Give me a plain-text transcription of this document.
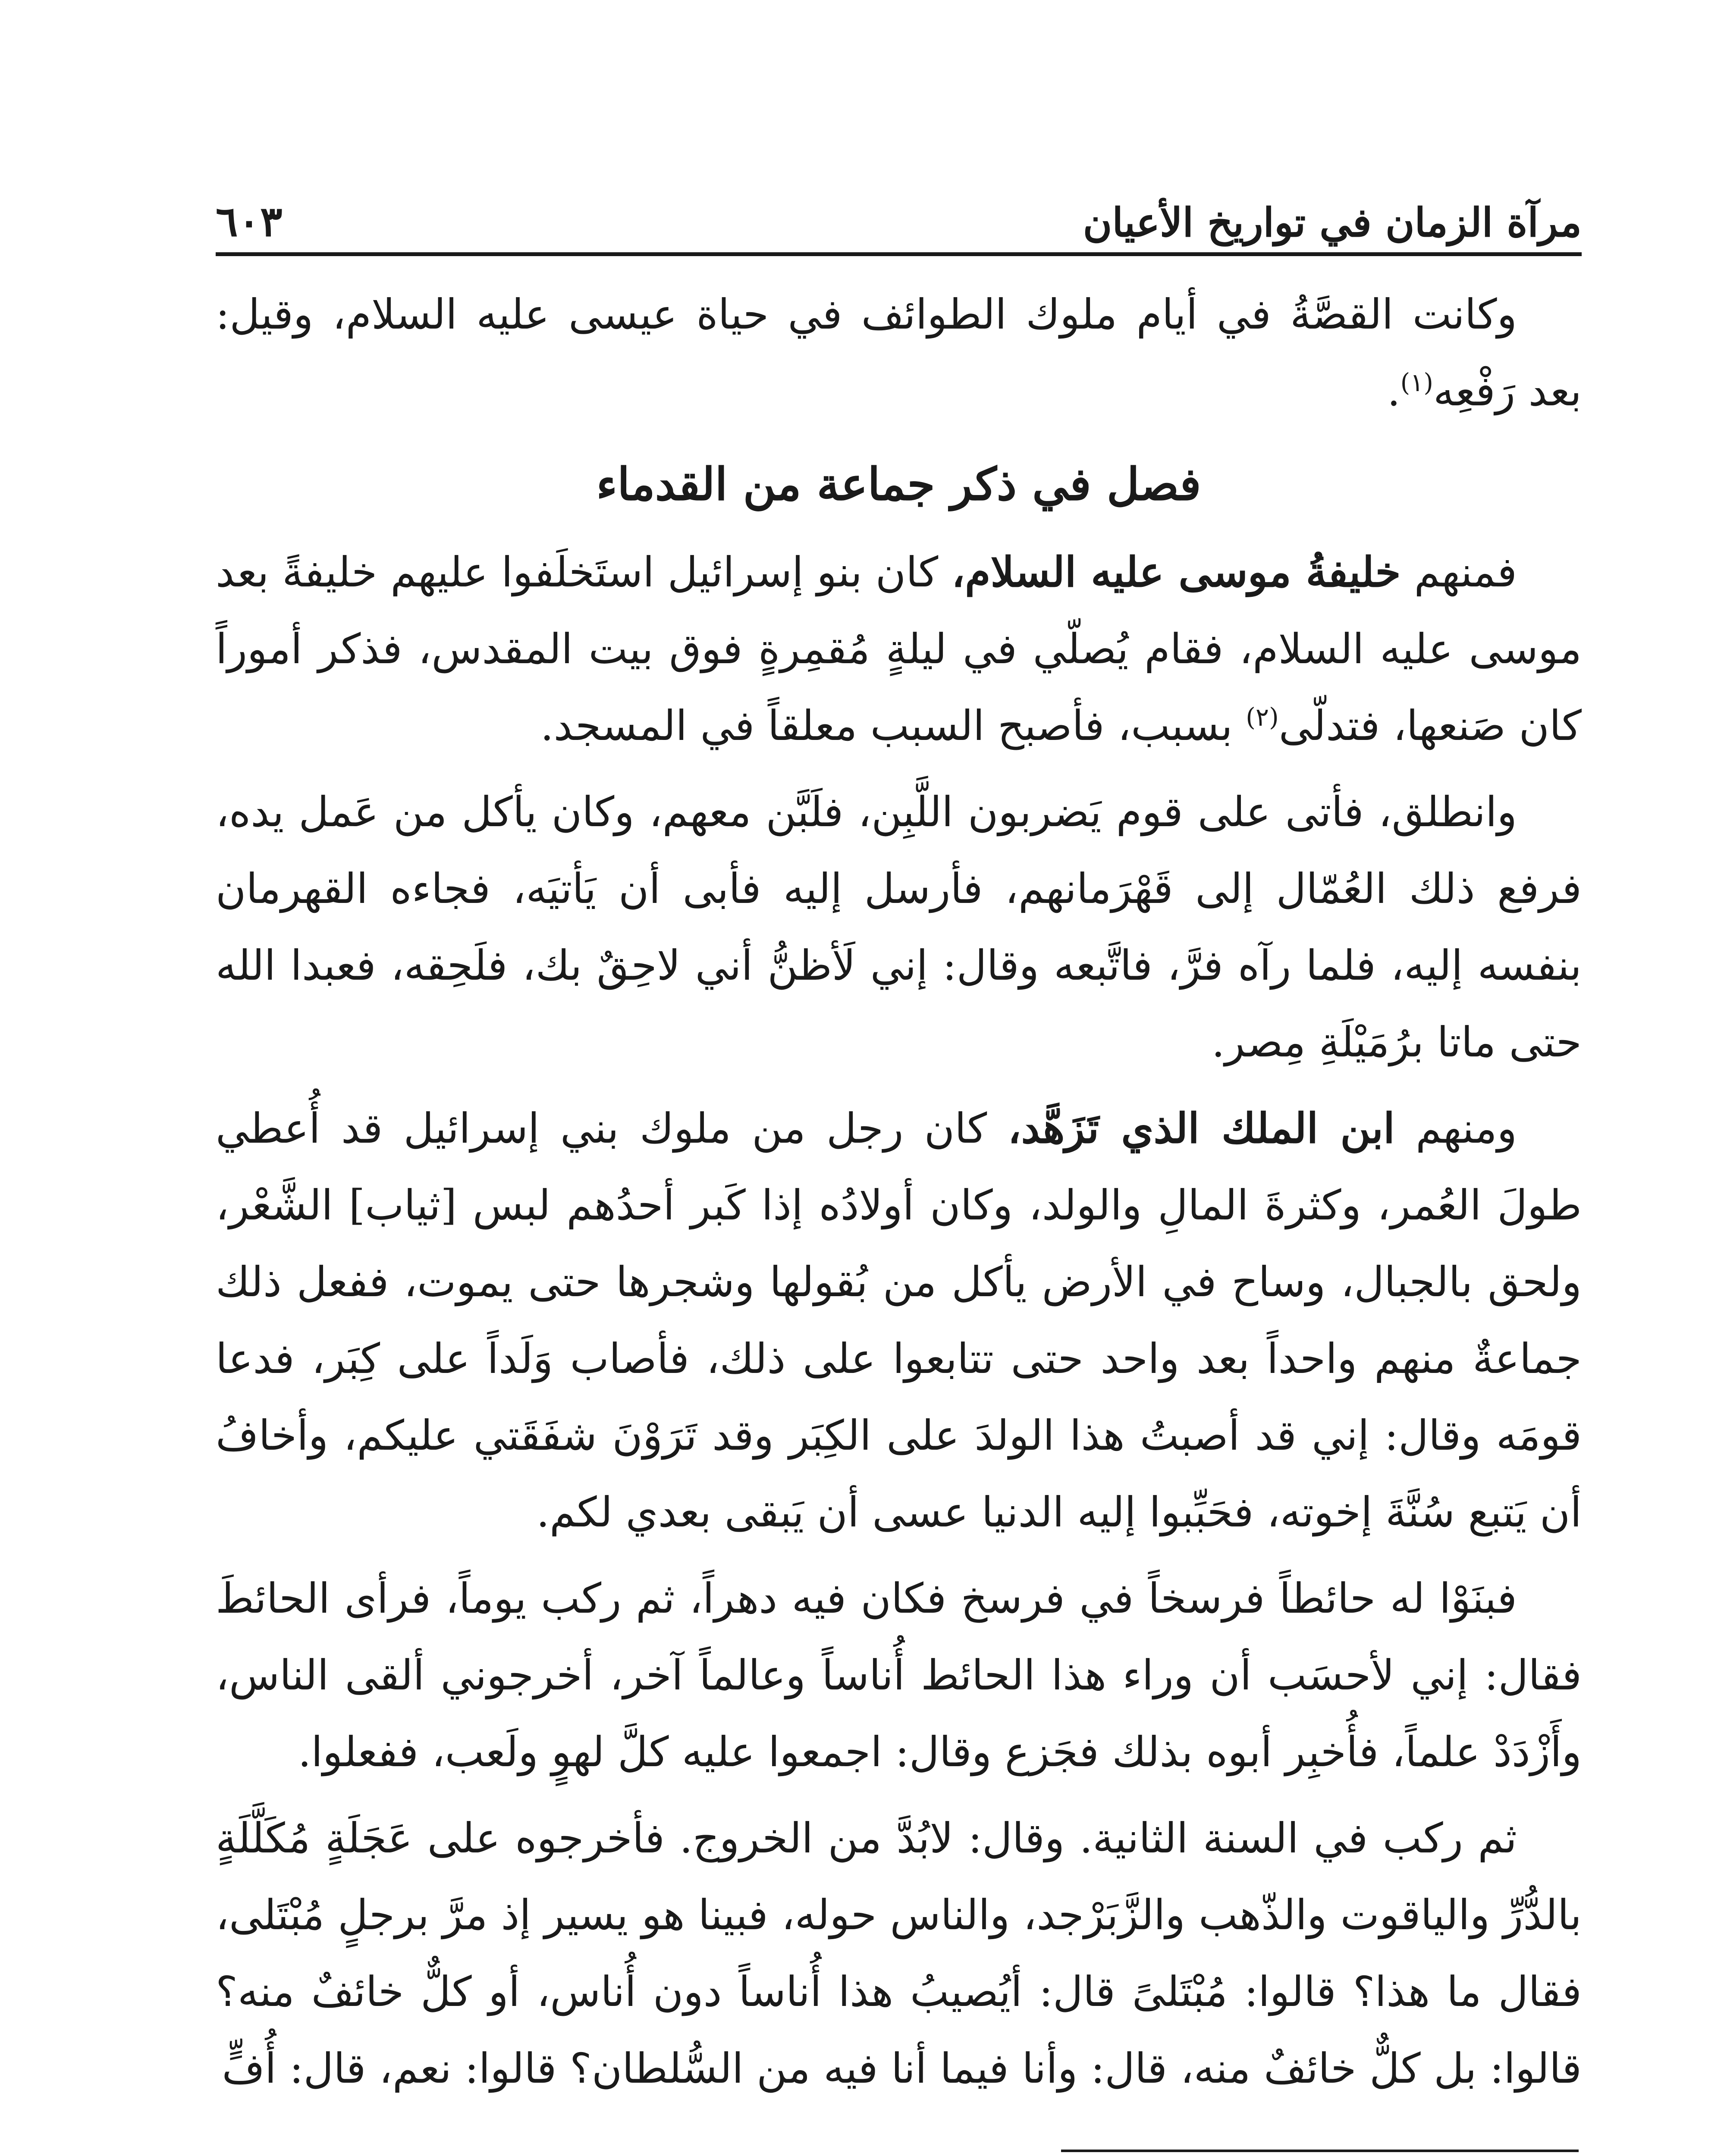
مرآة الزمان في تواريخ الأعيان
٦٠٣

وكانت القصَّةُ في أيام ملوك الطوائف في حياة عيسى عليه السلام، وقيل: بعد رَفْعِه$^{(١)}$.

فصل في ذكر جماعة من القدماء

فمنهم خليفةُ موسى عليه السلام، كان بنو إسرائيل استَخلَفوا عليهم خليفةً بعد موسى عليه السلام، فقام يُصلّي في ليلةٍ مُقمِرةٍ فوق بيت المقدس، فذكر أموراً كان صَنعها، فتدلّى$^{(٢)}$ بسبب، فأصبح السبب معلقاً في المسجد.

وانطلق، فأتى على قوم يَضربون اللَّبِن، فلَبَّن معهم، وكان يأكل من عَمل يده، فرفع ذلك العُمّال إلى قَهْرَمانهم، فأرسل إليه فأبى أن يَأتيَه، فجاءه القهرمان بنفسه إليه، فلما رآه فرَّ، فاتَّبعه وقال: إني لَأظنُّ أني لاحِقٌ بك، فلَحِقه، فعبدا الله حتى ماتا برُمَيْلَةِ مِصر.

ومنهم ابن الملك الذي تَزَهَّد، كان رجل من ملوك بني إسرائيل قد أُعطي طولَ العُمر، وكثرةَ المالِ والولد، وكان أولادُه إذا كَبر أحدُهم لبس [ثياب] الشَّعْر، ولحق بالجبال، وساح في الأرض يأكل من بُقولها وشجرها حتى يموت، ففعل ذلك جماعةٌ منهم واحداً بعد واحد حتى تتابعوا على ذلك، فأصاب وَلَداً على كِبَر، فدعا قومَه وقال: إني قد أصبتُ هذا الولدَ على الكِبَر وقد تَرَوْنَ شفَقَتي عليكم، وأخافُ أن يَتبع سُنَّةَ إخوته، فحَبِّبوا إليه الدنيا عسى أن يَبقى بعدي لكم.

فبنَوْا له حائطاً فرسخاً في فرسخ فكان فيه دهراً، ثم ركب يوماً، فرأى الحائطَ فقال: إني لأحسَب أن وراء هذا الحائط أُناساً وعالماً آخر، أخرجوني ألقى الناس، وأَزْدَدْ علماً، فأُخبِر أبوه بذلك فجَزع وقال: اجمعوا عليه كلَّ لهوٍ ولَعب، ففعلوا.

ثم ركب في السنة الثانية. وقال: لابُدَّ من الخروج. فأخرجوه على عَجَلَةٍ مُكَلَّلَةٍ بالدُّرِّ والياقوت والذّهب والزَّبَرْجد، والناس حوله، فبينا هو يسير إذ مرَّ برجلٍ مُبْتَلى، فقال ما هذا؟ قالوا: مُبْتَلىً قال: أيُصيبُ هذا أُناساً دون أُناس، أو كلٌّ خائفٌ منه؟ قالوا: بل كلٌّ خائفٌ منه، قال: وأنا فيما أنا فيه من السُّلطان؟ قالوا: نعم، قال: أُفٍّ
